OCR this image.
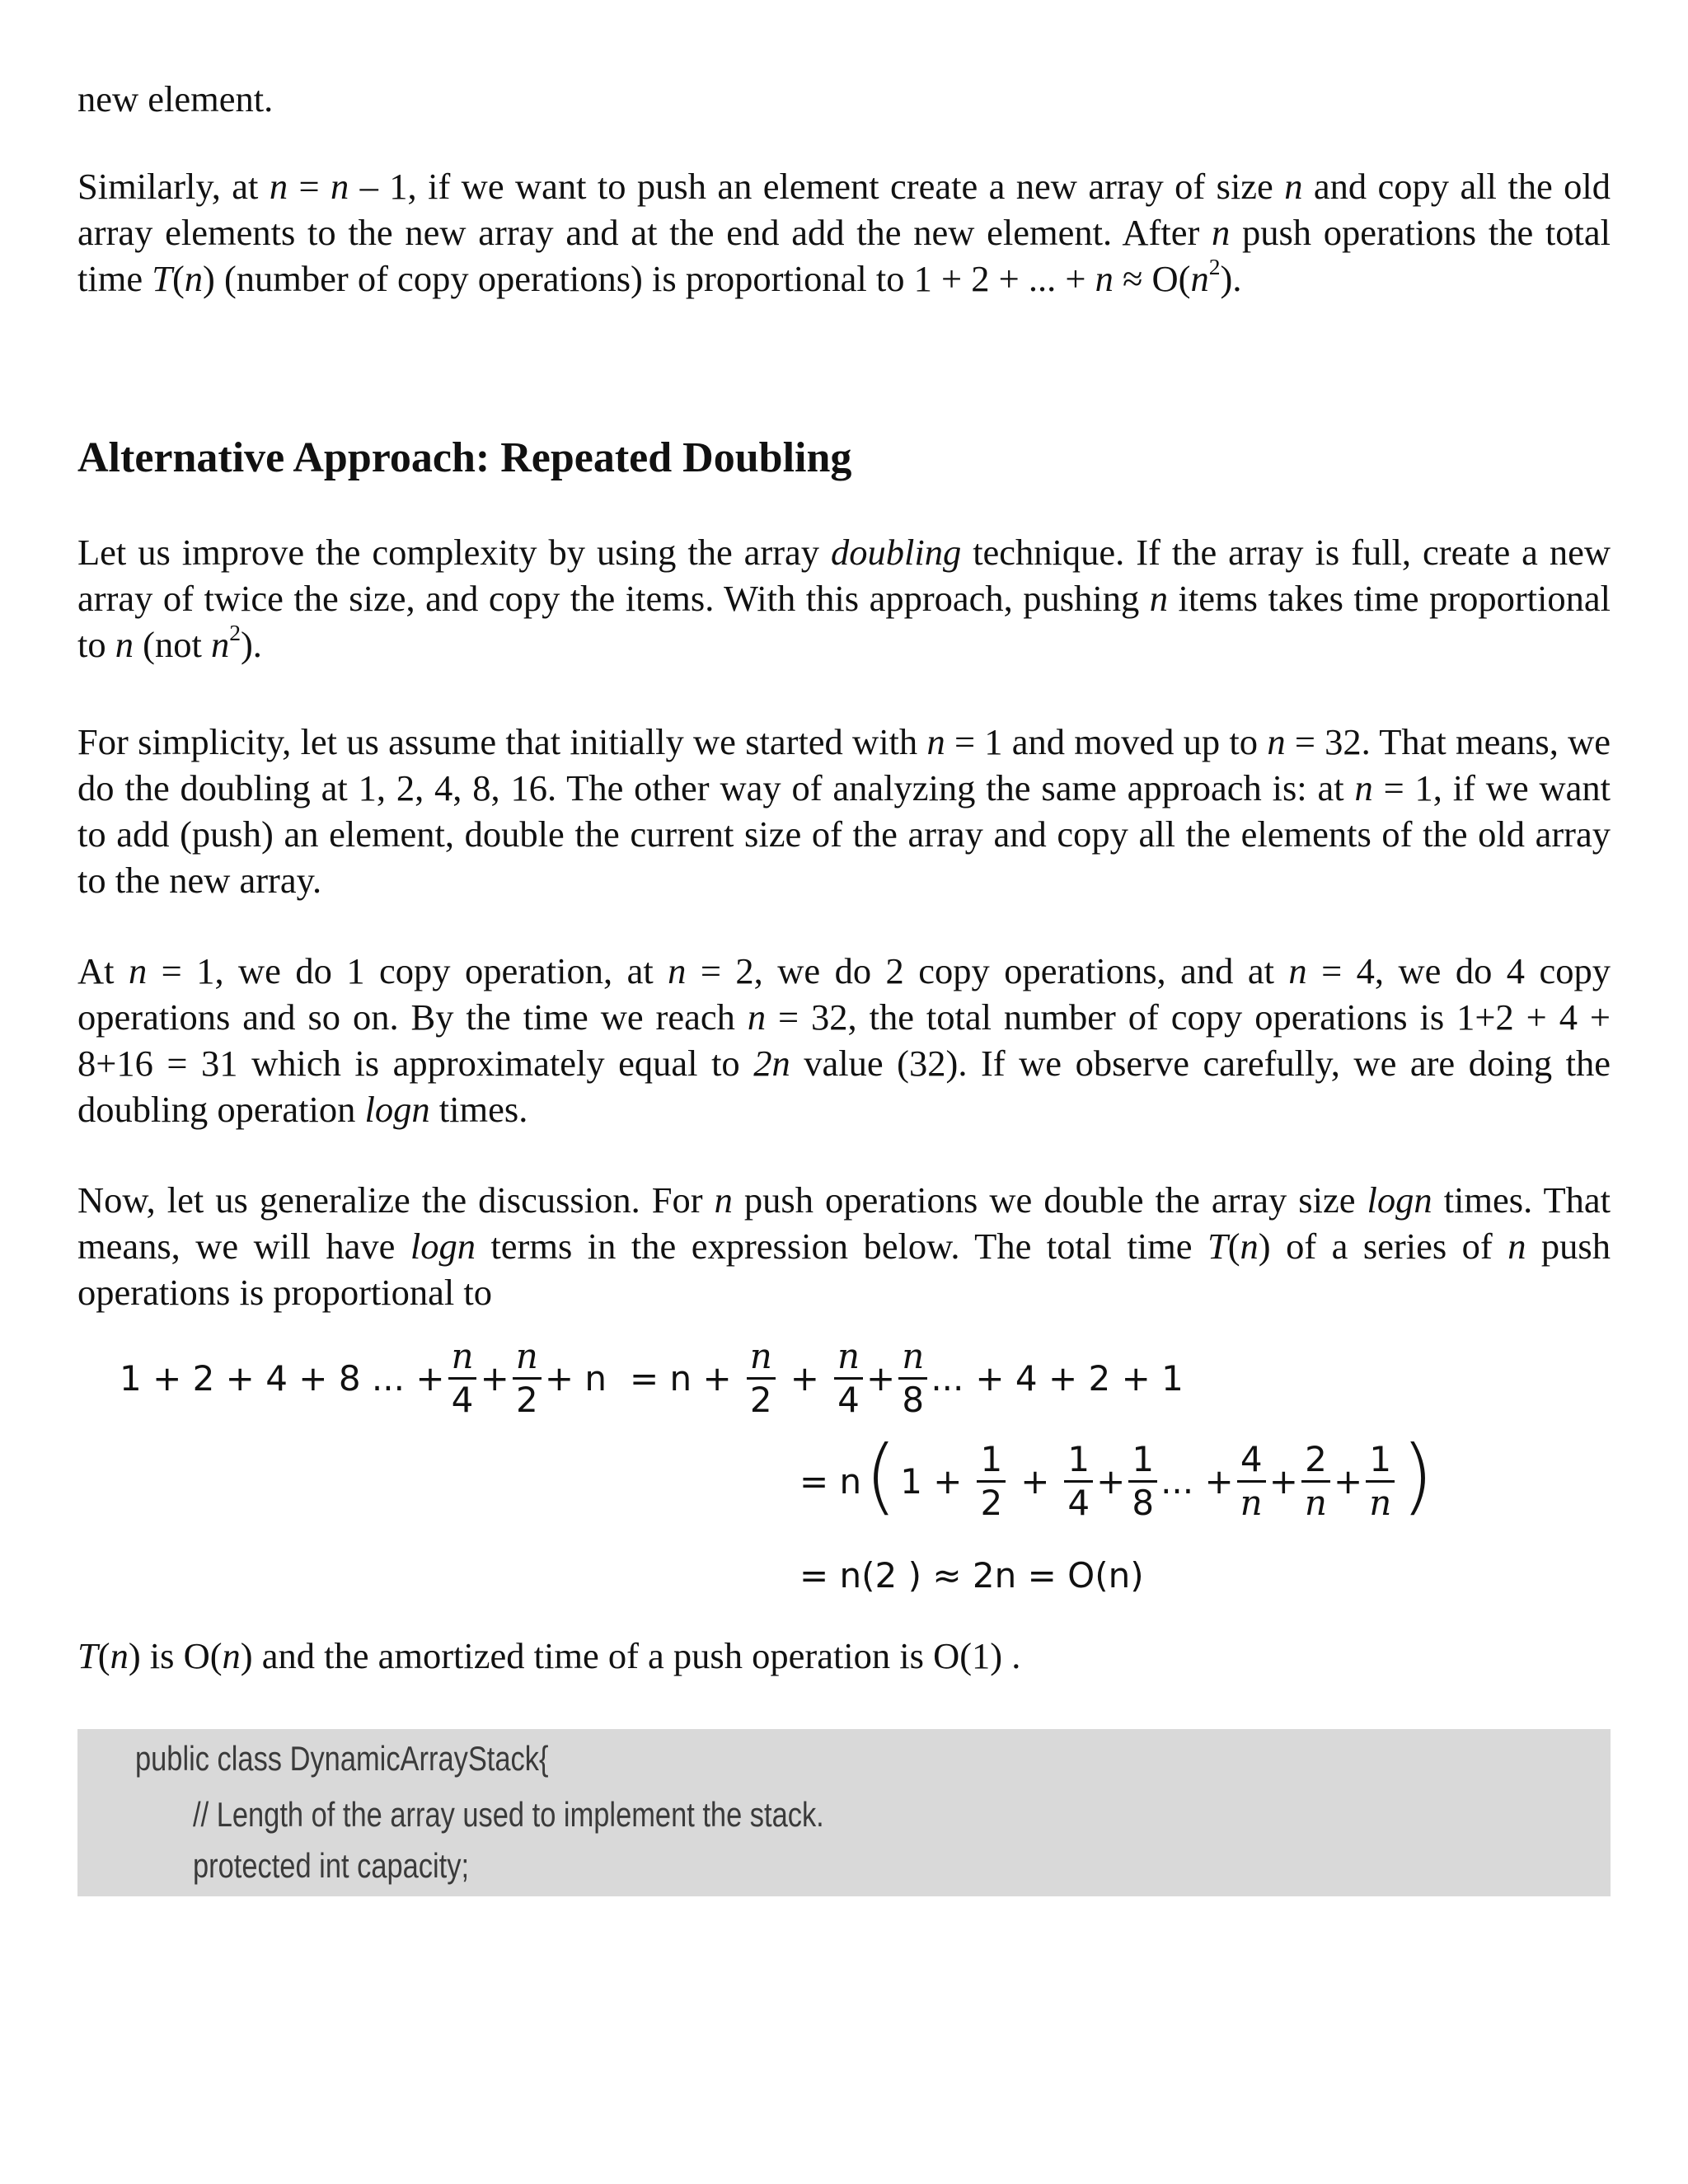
new element.

Similarly, at n = n – 1, if we want to push an element create a new array of size n and copy all the old array elements to the new array and at the end add the new element. After n push operations the total time T(n) (number of copy operations) is proportional to 1 + 2 + ... + $n \approx O(n^2)$.

Alternative Approach: Repeated Doubling

Let us improve the complexity by using the array doubling technique. If the array is full, create a new array of twice the size, and copy the items. With this approach, pushing n items takes time proportional to n (not $n^2$).

For simplicity, let us assume that initially we started with n = 1 and moved up to n = 32. That means, we do the doubling at 1, 2, 4, 8, 16. The other way of analyzing the same approach is: at n = 1, if we want to add (push) an element, double the current size of the array and copy all the elements of the old array to the new array.

At n = 1, we do 1 copy operation, at n = 2, we do 2 copy operations, and at n = 4, we do 4 copy operations and so on. By the time we reach n = 32, the total number of copy operations is 1+2 + 4 + 8+16 = 31 which is approximately equal to 2n value (32). If we observe carefully, we are doing the doubling operation logn times.

Now, let us generalize the discussion. For n push operations we double the array size logn times. That means, we will have logn terms in the expression below. The total time T(n) of a series of n push operations is proportional to

T(n) is O(n) and the amortized time of a push operation is O(1) .

1 + 2 + 4 + 8 ... + $\frac{n}{4} + \frac{n}{2} + n = n + \frac{n}{2} + \frac{n}{4} + \frac{n}{8}$ ... + 4 + 2 + 1
= n ( $1 + \frac{1}{2} + \frac{1}{4} + \frac{1}{8}$ ... + $\frac{4}{n} + \frac{2}{n} + \frac{1}{n}$ )
= n(2 ) ≈ 2n = O(n)
public class DynamicArrayStack{
// Length of the array used to implement the stack.
protected int capacity;
